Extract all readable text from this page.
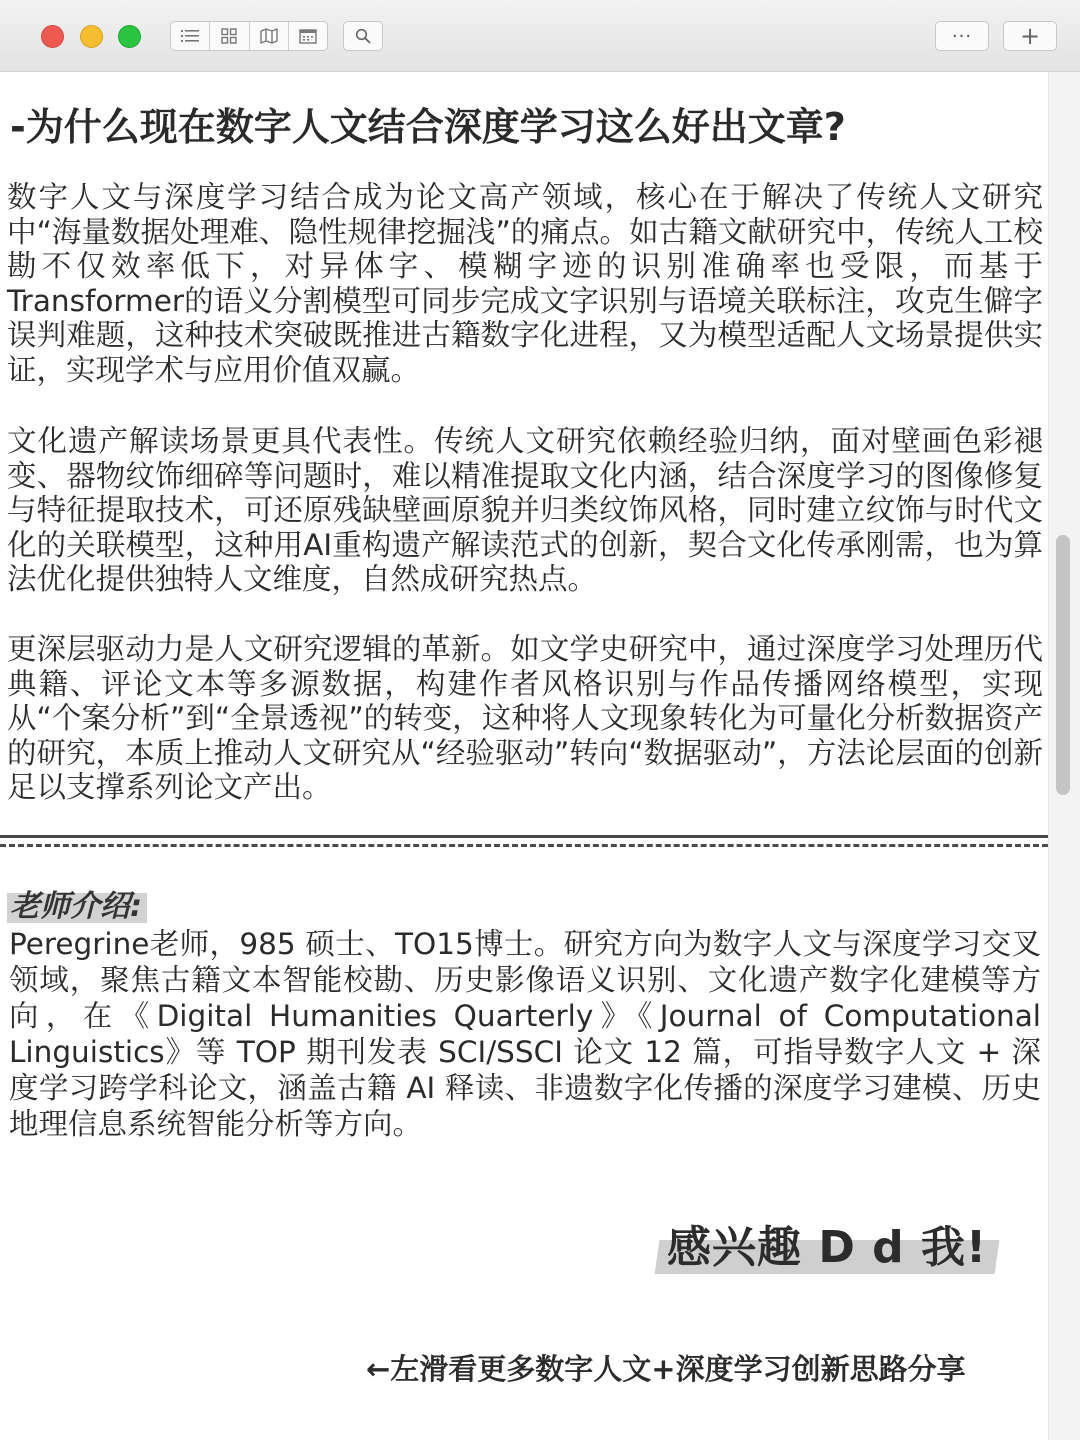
···	+
-为什么现在数字人文结合深度学习这么好出文章?

数字人文与深度学习结合成为论文高产领域，核心在于解决了传统人文研究中“海量数据处理难、隐性规律挖掘浅”的痛点。如古籍文献研究中，传统人工校勘不仅效率低下，对异体字、模糊字迹的识别准确率也受限，而基于Transformer的语义分割模型可同步完成文字识别与语境关联标注，攻克生僻字误判难题，这种技术突破既推进古籍数字化进程，又为模型适配人文场景提供实证，实现学术与应用价值双赢。

文化遗产解读场景更具代表性。传统人文研究依赖经验归纳，面对壁画色彩褪变、器物纹饰细碎等问题时，难以精准提取文化内涵，结合深度学习的图像修复与特征提取技术，可还原残缺壁画原貌并归类纹饰风格，同时建立纹饰与时代文化的关联模型，这种用AI重构遗产解读范式的创新，契合文化传承刚需，也为算法优化提供独特人文维度，自然成研究热点。

更深层驱动力是人文研究逻辑的革新。如文学史研究中，通过深度学习处理历代典籍、评论文本等多源数据，构建作者风格识别与作品传播网络模型，实现从“个案分析”到“全景透视”的转变，这种将人文现象转化为可量化分析数据资产的研究，本质上推动人文研究从“经验驱动”转向“数据驱动”，方法论层面的创新足以支撑系列论文产出。

老师介绍:

Peregrine老师，985 硕士、TO15博士。研究方向为数字人文与深度学习交叉领域，聚焦古籍文本智能校勘、历史影像语义识别、文化遗产数字化建模等方向，在《Digital Humanities Quarterly》《Journal of Computational Linguistics》等 TOP 期刊发表 SCI/SSCI 论文 12 篇，可指导数字人文 + 深度学习跨学科论文，涵盖古籍 AI 释读、非遗数字化传播的深度学习建模、历史地理信息系统智能分析等方向。

感兴趣 D d 我!
←左滑看更多数字人文+深度学习创新思路分享
